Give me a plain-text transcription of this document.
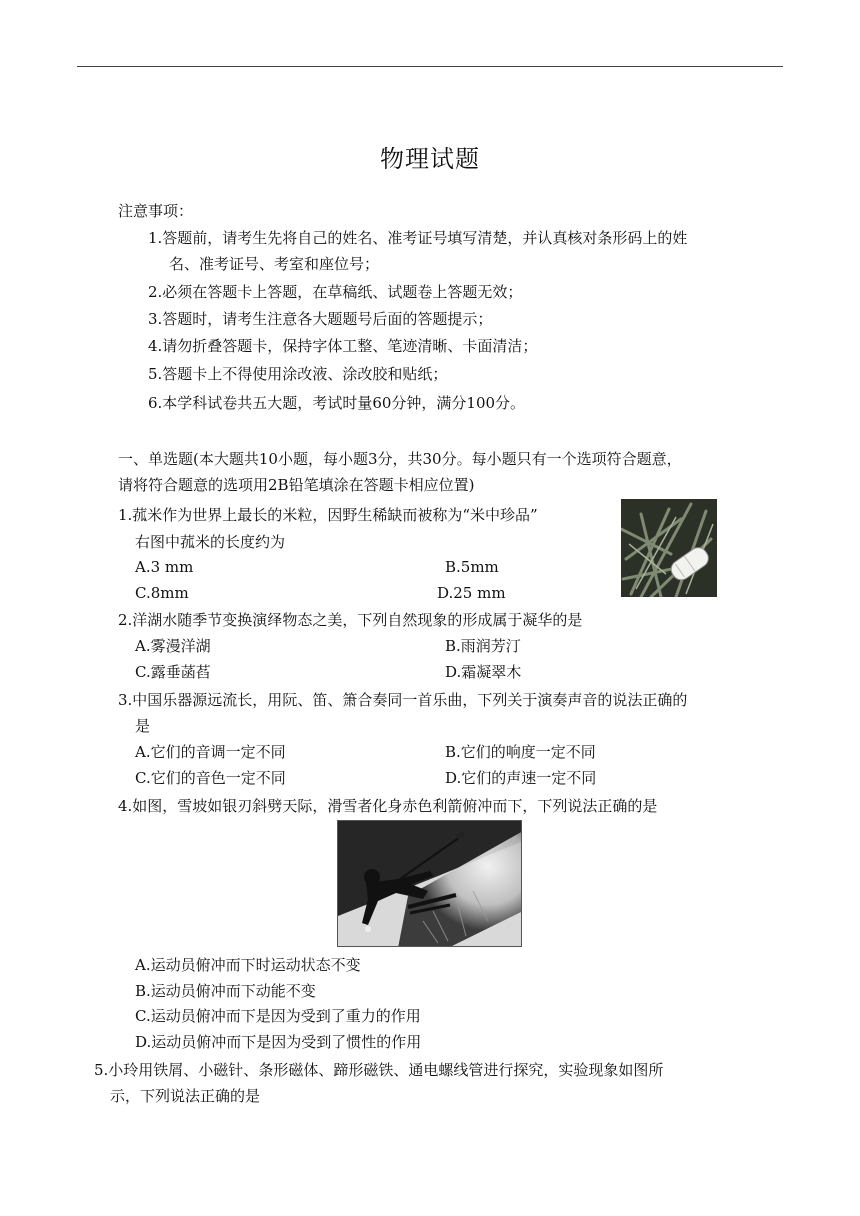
物理试题
注意事项：
1.答题前，请考生先将自己的姓名、准考证号填写清楚，并认真核对条形码上的姓
名、准考证号、考室和座位号；
2.必须在答题卡上答题，在草稿纸、试题卷上答题无效；
3.答题时，请考生注意各大题题号后面的答题提示；
4.请勿折叠答题卡，保持字体工整、笔迹清晰、卡面清洁；
5.答题卡上不得使用涂改液、涂改胶和贴纸；
6.本学科试卷共五大题，考试时量60分钟，满分100分。
一、单选题(本大题共10小题，每小题3分，共30分。每小题只有一个选项符合题意，
请将符合题意的选项用2B铅笔填涂在答题卡相应位置)
1.菰米作为世界上最长的米粒，因野生稀缺而被称为“米中珍品”
右图中菰米的长度约为
A.3 mm	B.5mm
C.8mm	D.25 mm
2.洋湖水随季节变换演绎物态之美，下列自然现象的形成属于凝华的是
A.雾漫洋湖	B.雨润芳汀
C.露垂菡萏	D.霜凝翠木
3.中国乐器源远流长，用阮、笛、箫合奏同一首乐曲，下列关于演奏声音的说法正确的
是
A.它们的音调一定不同	B.它们的响度一定不同
C.它们的音色一定不同	D.它们的声速一定不同
4.如图，雪坡如银刃斜劈天际，滑雪者化身赤色利箭俯冲而下，下列说法正确的是
A.运动员俯冲而下时运动状态不变
B.运动员俯冲而下动能不变
C.运动员俯冲而下是因为受到了重力的作用
D.运动员俯冲而下是因为受到了惯性的作用
5.小玲用铁屑、小磁针、条形磁体、蹄形磁铁、通电螺线管进行探究，实验现象如图所
示，下列说法正确的是
